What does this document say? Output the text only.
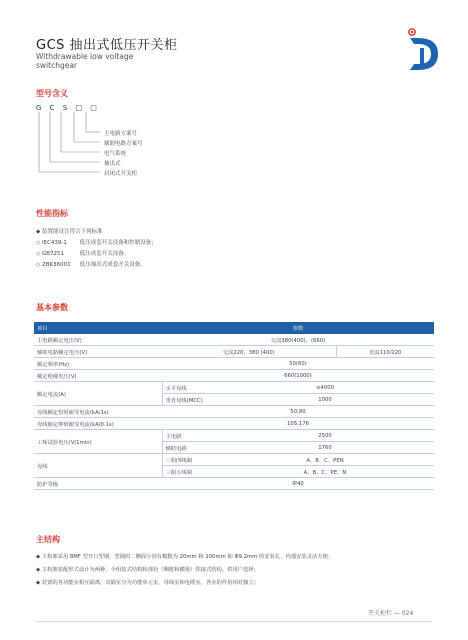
GCS 抽出式低压开关柜
Withdrawable low voltage
switchgear
型号含义
G C S □ □
主电路方案号
辅助电路方案号
电气系统
抽出式
封闭式开关柜
性能指标
◆ 装置能设计符合下列标准
◇ IEC439-1 低压成套开关设备和控制设备；
◇ GB7251	低压成套开关设备；
◇ ZBK36001 低压抽出式成套开关设备。
基本参数
项目	参数		
主电路额定电压(V)	交流380(400)，(660)		
辅助电路额定电压(V)	交流220，380 (400)		直流110/220
额定频率(Hz)	50(60)		
额定绝缘电压(V)	660(1000)		
额定电流(A)	水平母线	≤4000	
	垂直母线(MCC)	1000	
母线额定短时耐受电流(kA/1s)	50,80		
母线额定峰值耐受电流(kA/0.1s)	105,176		
工频试验电压(V/1min)	主电路	2500	
	辅助电路	1760	
母线	三相四线制	A、B、C、PEN	
	三相五线制	A、B、C、PE、N	
防护等级	IP40		
主结构
◆ 主构架采用 8MF 型开口型钢，型钢的二侧面分别有模数为 20mm 和 100mm 和 Φ9.2mm 的安装孔，内部安装灵活方便；
◆ 主构架装配形式设计为两种，全组装式结构和部份（侧框和横梁）焊接式结构，供用户选择；
◆ 装置的各功能室相互隔离，其隔室分为功能单元室、母线室和电缆室，各室的作用相对独立；
开关柜栏 — 024
